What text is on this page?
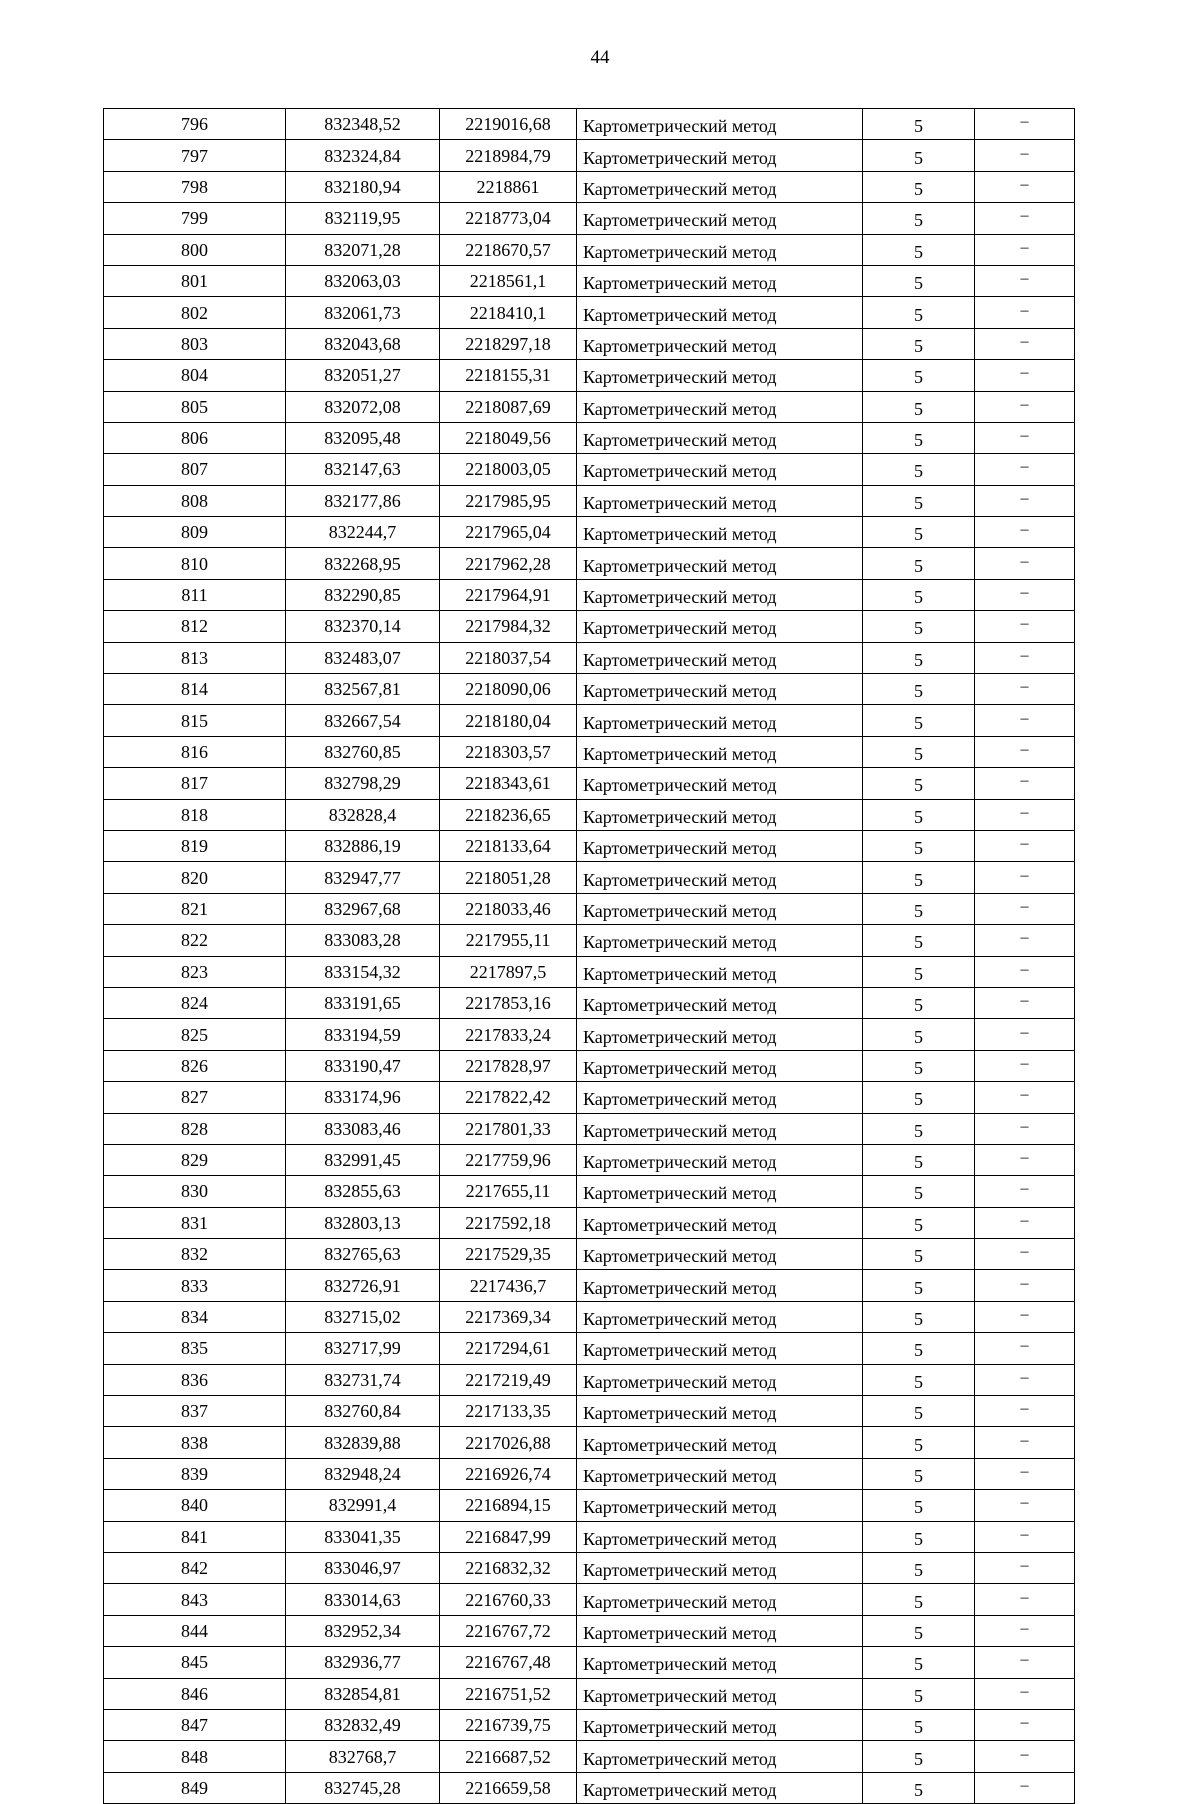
44
796	832348,52	2219016,68	Картометрический метод	5	–
797	832324,84	2218984,79	Картометрический метод	5	–
798	832180,94	2218861	Картометрический метод	5	–
799	832119,95	2218773,04	Картометрический метод	5	–
800	832071,28	2218670,57	Картометрический метод	5	–
801	832063,03	2218561,1	Картометрический метод	5	–
802	832061,73	2218410,1	Картометрический метод	5	–
803	832043,68	2218297,18	Картометрический метод	5	–
804	832051,27	2218155,31	Картометрический метод	5	–
805	832072,08	2218087,69	Картометрический метод	5	–
806	832095,48	2218049,56	Картометрический метод	5	–
807	832147,63	2218003,05	Картометрический метод	5	–
808	832177,86	2217985,95	Картометрический метод	5	–
809	832244,7	2217965,04	Картометрический метод	5	–
810	832268,95	2217962,28	Картометрический метод	5	–
811	832290,85	2217964,91	Картометрический метод	5	–
812	832370,14	2217984,32	Картометрический метод	5	–
813	832483,07	2218037,54	Картометрический метод	5	–
814	832567,81	2218090,06	Картометрический метод	5	–
815	832667,54	2218180,04	Картометрический метод	5	–
816	832760,85	2218303,57	Картометрический метод	5	–
817	832798,29	2218343,61	Картометрический метод	5	–
818	832828,4	2218236,65	Картометрический метод	5	–
819	832886,19	2218133,64	Картометрический метод	5	–
820	832947,77	2218051,28	Картометрический метод	5	–
821	832967,68	2218033,46	Картометрический метод	5	–
822	833083,28	2217955,11	Картометрический метод	5	–
823	833154,32	2217897,5	Картометрический метод	5	–
824	833191,65	2217853,16	Картометрический метод	5	–
825	833194,59	2217833,24	Картометрический метод	5	–
826	833190,47	2217828,97	Картометрический метод	5	–
827	833174,96	2217822,42	Картометрический метод	5	–
828	833083,46	2217801,33	Картометрический метод	5	–
829	832991,45	2217759,96	Картометрический метод	5	–
830	832855,63	2217655,11	Картометрический метод	5	–
831	832803,13	2217592,18	Картометрический метод	5	–
832	832765,63	2217529,35	Картометрический метод	5	–
833	832726,91	2217436,7	Картометрический метод	5	–
834	832715,02	2217369,34	Картометрический метод	5	–
835	832717,99	2217294,61	Картометрический метод	5	–
836	832731,74	2217219,49	Картометрический метод	5	–
837	832760,84	2217133,35	Картометрический метод	5	–
838	832839,88	2217026,88	Картометрический метод	5	–
839	832948,24	2216926,74	Картометрический метод	5	–
840	832991,4	2216894,15	Картометрический метод	5	–
841	833041,35	2216847,99	Картометрический метод	5	–
842	833046,97	2216832,32	Картометрический метод	5	–
843	833014,63	2216760,33	Картометрический метод	5	–
844	832952,34	2216767,72	Картометрический метод	5	–
845	832936,77	2216767,48	Картометрический метод	5	–
846	832854,81	2216751,52	Картометрический метод	5	–
847	832832,49	2216739,75	Картометрический метод	5	–
848	832768,7	2216687,52	Картометрический метод	5	–
849	832745,28	2216659,58	Картометрический метод	5	–
